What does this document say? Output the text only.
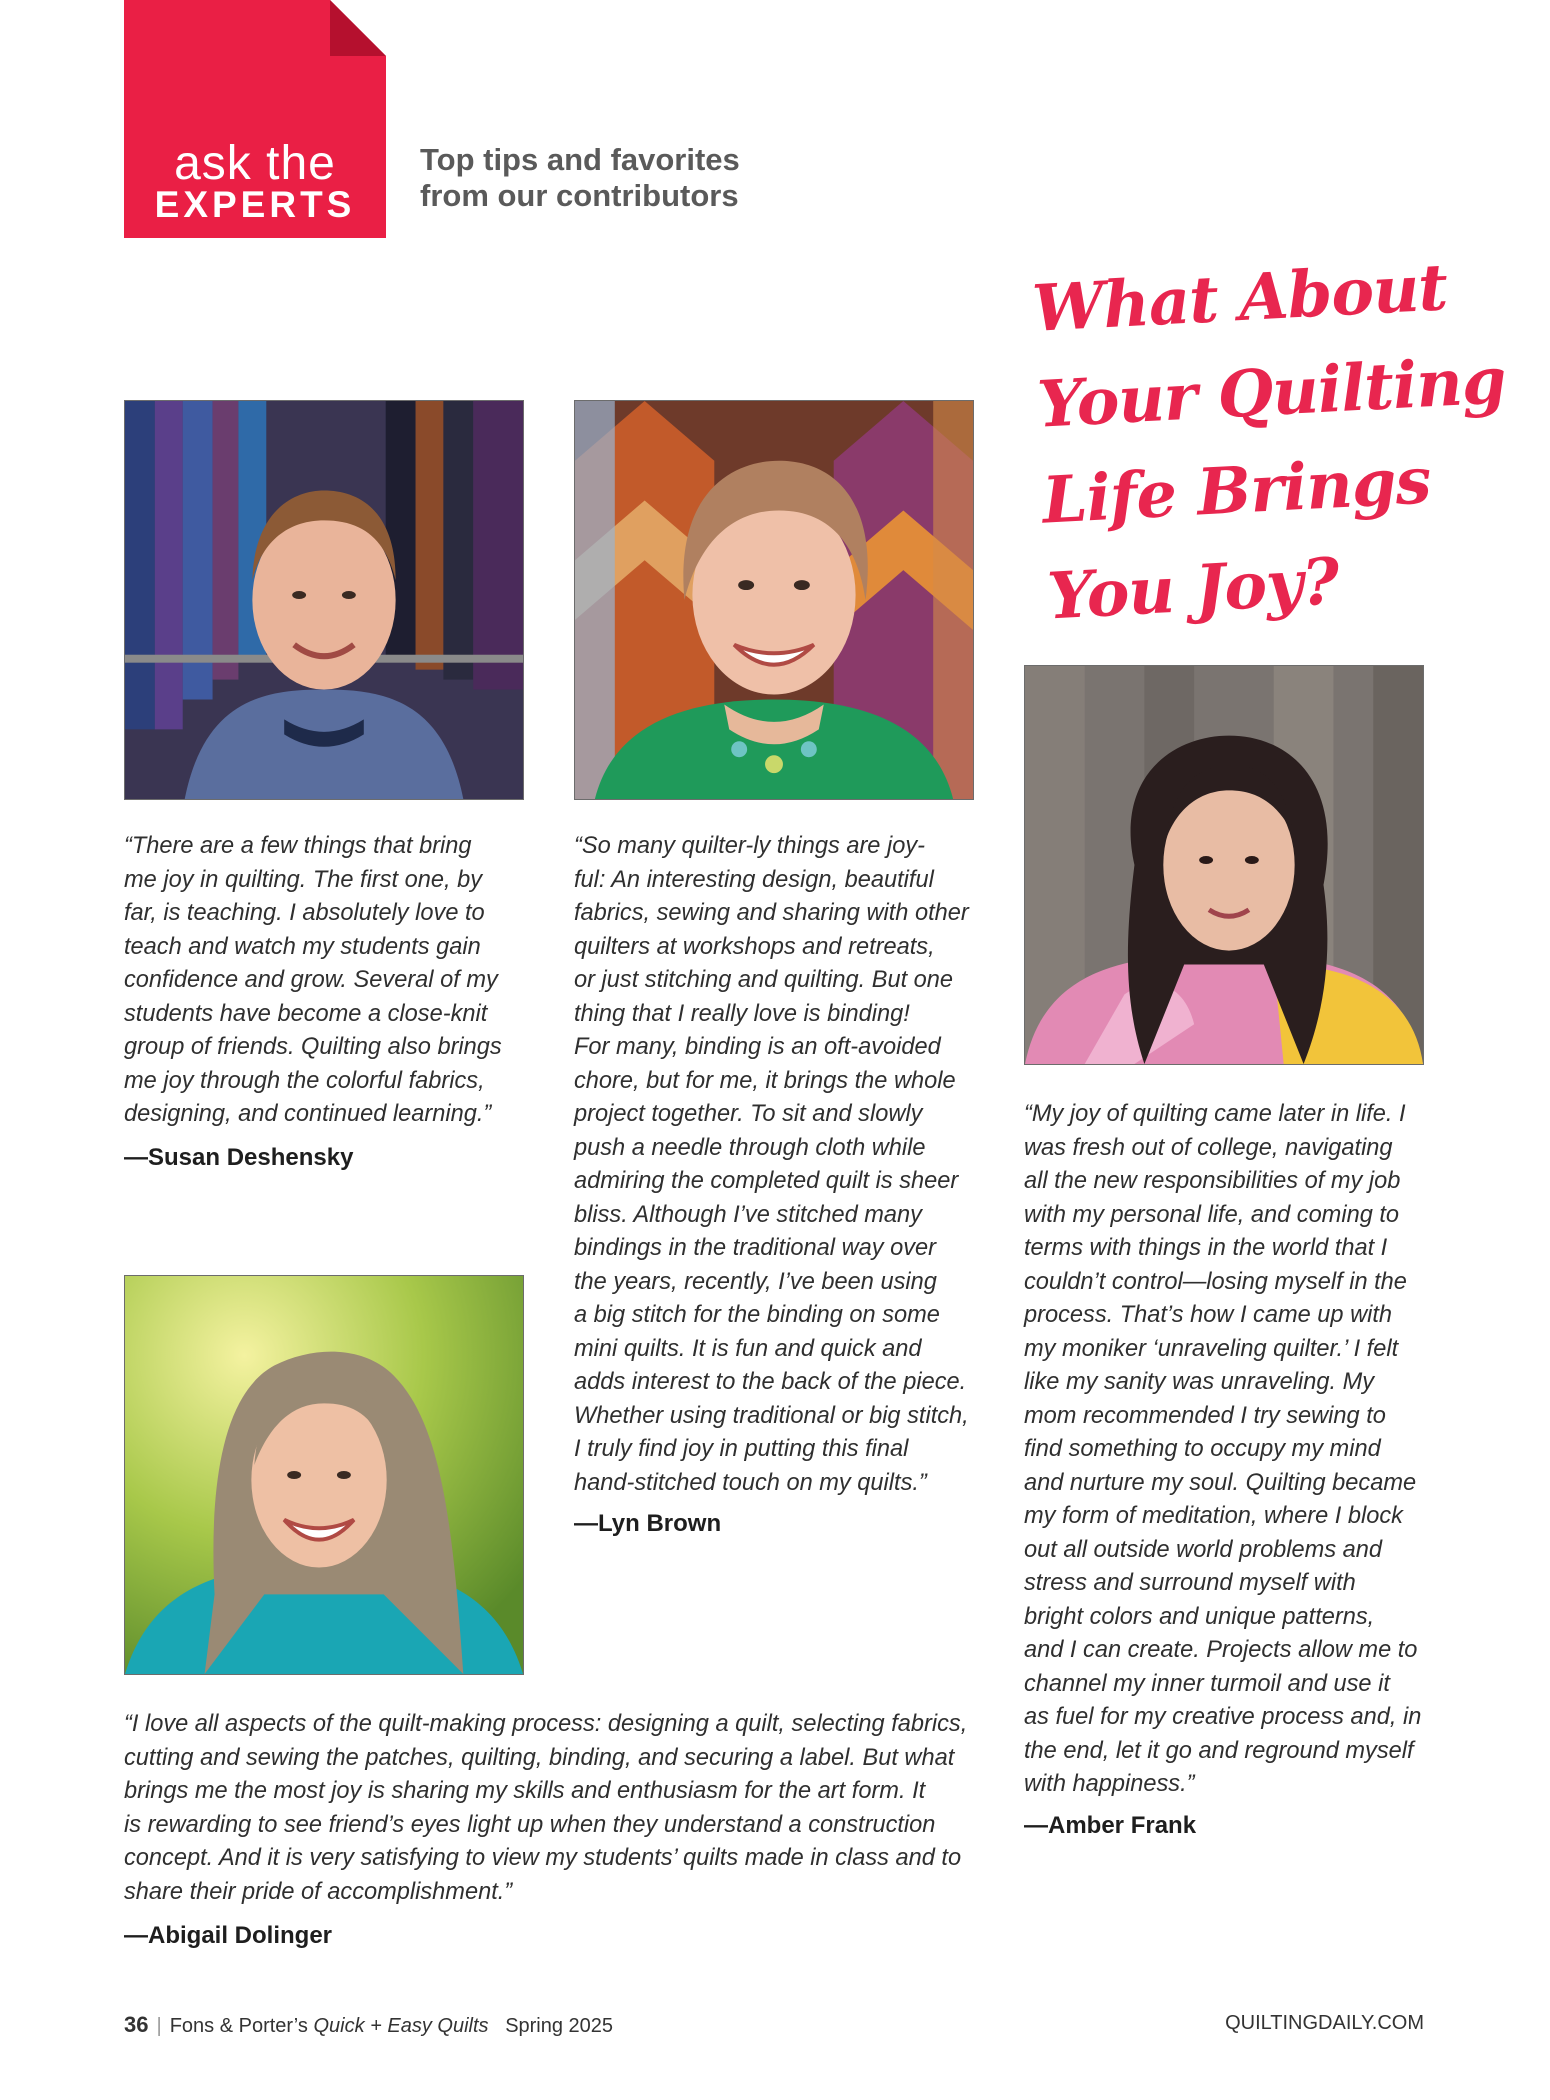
ask the
EXPERTS
Top tips and favorites
from our contributors
What About
Your Quilting
Life Brings
You Joy?
“There are a few things that bring
me joy in quilting. The first one, by
far, is teaching. I absolutely love to
teach and watch my students gain
confidence and grow. Several of my
students have become a close-knit
group of friends. Quilting also brings
me joy through the colorful fabrics,
designing, and continued learning.”
—Susan Deshensky
“So many quilter-ly things are joy-
ful: An interesting design, beautiful
fabrics, sewing and sharing with other
quilters at workshops and retreats,
or just stitching and quilting. But one
thing that I really love is binding!
For many, binding is an oft-avoided
chore, but for me, it brings the whole
project together. To sit and slowly
push a needle through cloth while
admiring the completed quilt is sheer
bliss. Although I’ve stitched many
bindings in the traditional way over
the years, recently, I’ve been using
a big stitch for the binding on some
mini quilts. It is fun and quick and
adds interest to the back of the piece.
Whether using traditional or big stitch,
I truly find joy in putting this final
hand-stitched touch on my quilts.”
—Lyn Brown
“My joy of quilting came later in life. I
was fresh out of college, navigating
all the new responsibilities of my job
with my personal life, and coming to
terms with things in the world that I
couldn’t control—losing myself in the
process. That’s how I came up with
my moniker ‘unraveling quilter.’ I felt
like my sanity was unraveling. My
mom recommended I try sewing to
find something to occupy my mind
and nurture my soul. Quilting became
my form of meditation, where I block
out all outside world problems and
stress and surround myself with
bright colors and unique patterns,
and I can create. Projects allow me to
channel my inner turmoil and use it
as fuel for my creative process and, in
the end, let it go and reground myself
with happiness.”
—Amber Frank
“I love all aspects of the quilt-making process: designing a quilt, selecting fabrics,
cutting and sewing the patches, quilting, binding, and securing a label. But what
brings me the most joy is sharing my skills and enthusiasm for the art form. It
is rewarding to see friend’s eyes light up when they understand a construction
concept. And it is very satisfying to view my students’ quilts made in class and to
share their pride of accomplishment.”
—Abigail Dolinger
36 | Fons & Porter’s Quick + Easy Quilts Spring 2025	QUILTINGDAILY.COM
